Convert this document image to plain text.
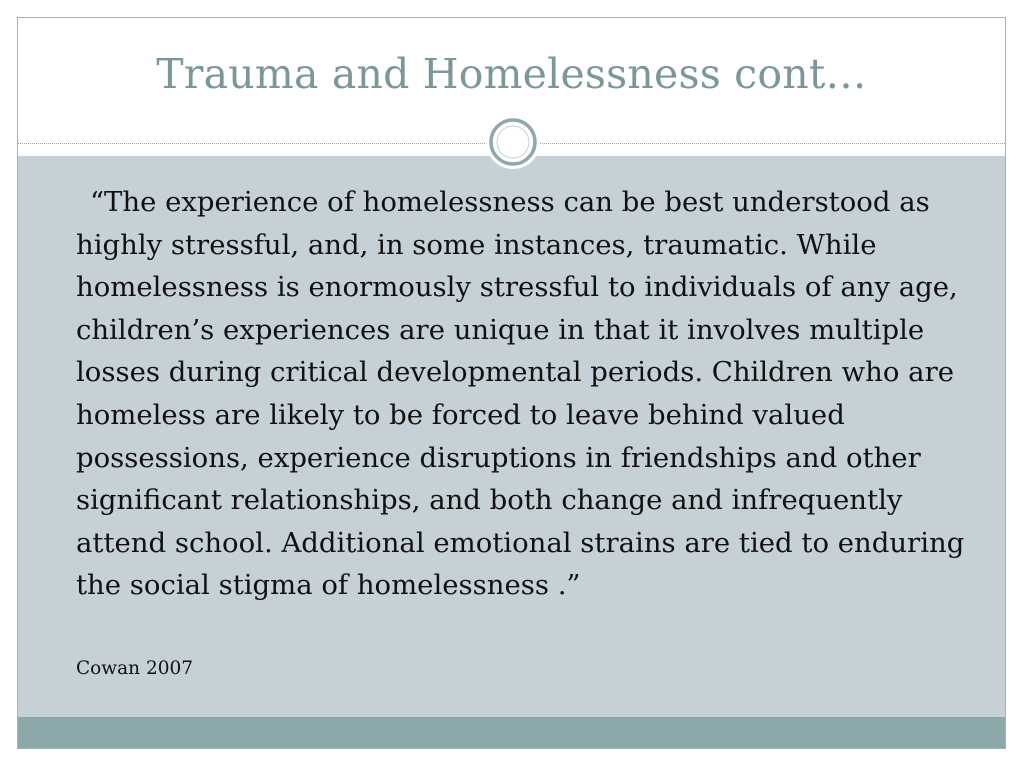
Trauma and Homelessness cont…

“The experience of homelessness can be best understood as highly stressful, and, in some instances, traumatic. While homelessness is enormously stressful to individuals of any age, children’s experiences are unique in that it involves multiple losses during critical developmental periods. Children who are homeless are likely to be forced to leave behind valued possessions, experience disruptions in friendships and other significant relationships, and both change and infrequently attend school. Additional emotional strains are tied to enduring the social stigma of homelessness .”

Cowan 2007
